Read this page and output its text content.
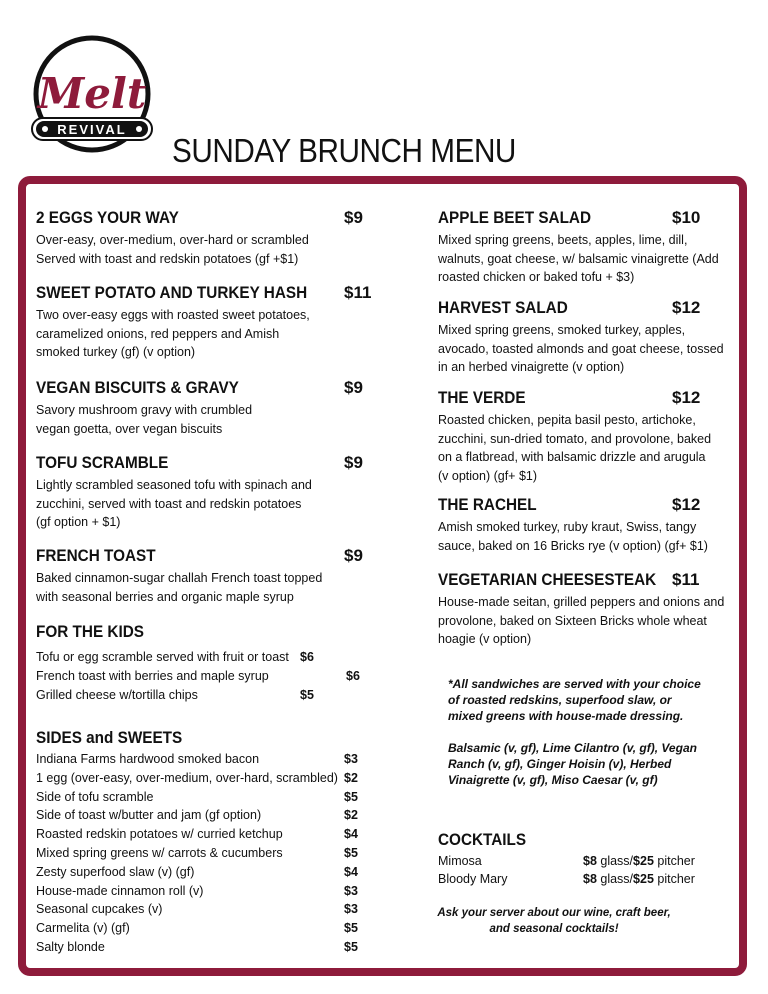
Melt
REVIVAL
SUNDAY BRUNCH MENU
2 EGGS YOUR WAY	$9
Over-easy, over-medium, over-hard or scrambled Served with toast and redskin potatoes (gf +$1)
SWEET POTATO AND TURKEY HASH $11
Two over-easy eggs with roasted sweet potatoes, caramelized onions, red peppers and Amish smoked turkey (gf) (v option)
VEGAN BISCUITS & GRAVY	$9
Savory mushroom gravy with crumbled vegan goetta, over vegan biscuits
TOFU SCRAMBLE	$9
Lightly scrambled seasoned tofu with spinach and zucchini, served with toast and redskin potatoes (gf option + $1)
FRENCH TOAST	$9
Baked cinnamon-sugar challah French toast topped with seasonal berries and organic maple syrup
FOR THE KIDS
Tofu or egg scramble served with fruit or toast $6
French toast with berries and maple syrup	$6
Grilled cheese w/tortilla chips	$5
SIDES and SWEETS
Indiana Farms hardwood smoked bacon	$3
1 egg (over-easy, over-medium, over-hard, scrambled) $2
Side of tofu scramble	$5
Side of toast w/butter and jam (gf option)	$2
Roasted redskin potatoes w/ curried ketchup	$4
Mixed spring greens w/ carrots & cucumbers	$5
Zesty superfood slaw (v) (gf)	$4
House-made cinnamon roll (v)	$3
Seasonal cupcakes (v)	$3
Carmelita (v) (gf)	$5
Salty blonde	$5
APPLE BEET SALAD	$10
Mixed spring greens, beets, apples, lime, dill, walnuts, goat cheese, w/ balsamic vinaigrette (Add roasted chicken or baked tofu + $3)
HARVEST SALAD	$12
Mixed spring greens, smoked turkey, apples, avocado, toasted almonds and goat cheese, tossed in an herbed vinaigrette (v option)
THE VERDE	$12
Roasted chicken, pepita basil pesto, artichoke, zucchini, sun-dried tomato, and provolone, baked on a flatbread, with balsamic drizzle and arugula (v option) (gf+ $1)
THE RACHEL	$12
Amish smoked turkey, ruby kraut, Swiss, tangy sauce, baked on 16 Bricks rye (v option) (gf+ $1)
VEGETARIAN CHEESESTEAK $11
House-made seitan, grilled peppers and onions and provolone, baked on Sixteen Bricks whole wheat hoagie (v option)
*All sandwiches are served with your choice of roasted redskins, superfood slaw, or mixed greens with house-made dressing.
Balsamic (v, gf), Lime Cilantro (v, gf), Vegan Ranch (v, gf), Ginger Hoisin (v), Herbed Vinaigrette (v, gf), Miso Caesar (v, gf)
COCKTAILS
Mimosa	$8 glass/$25 pitcher
Bloody Mary	$8 glass/$25 pitcher
Ask your server about our wine, craft beer, and seasonal cocktails!
